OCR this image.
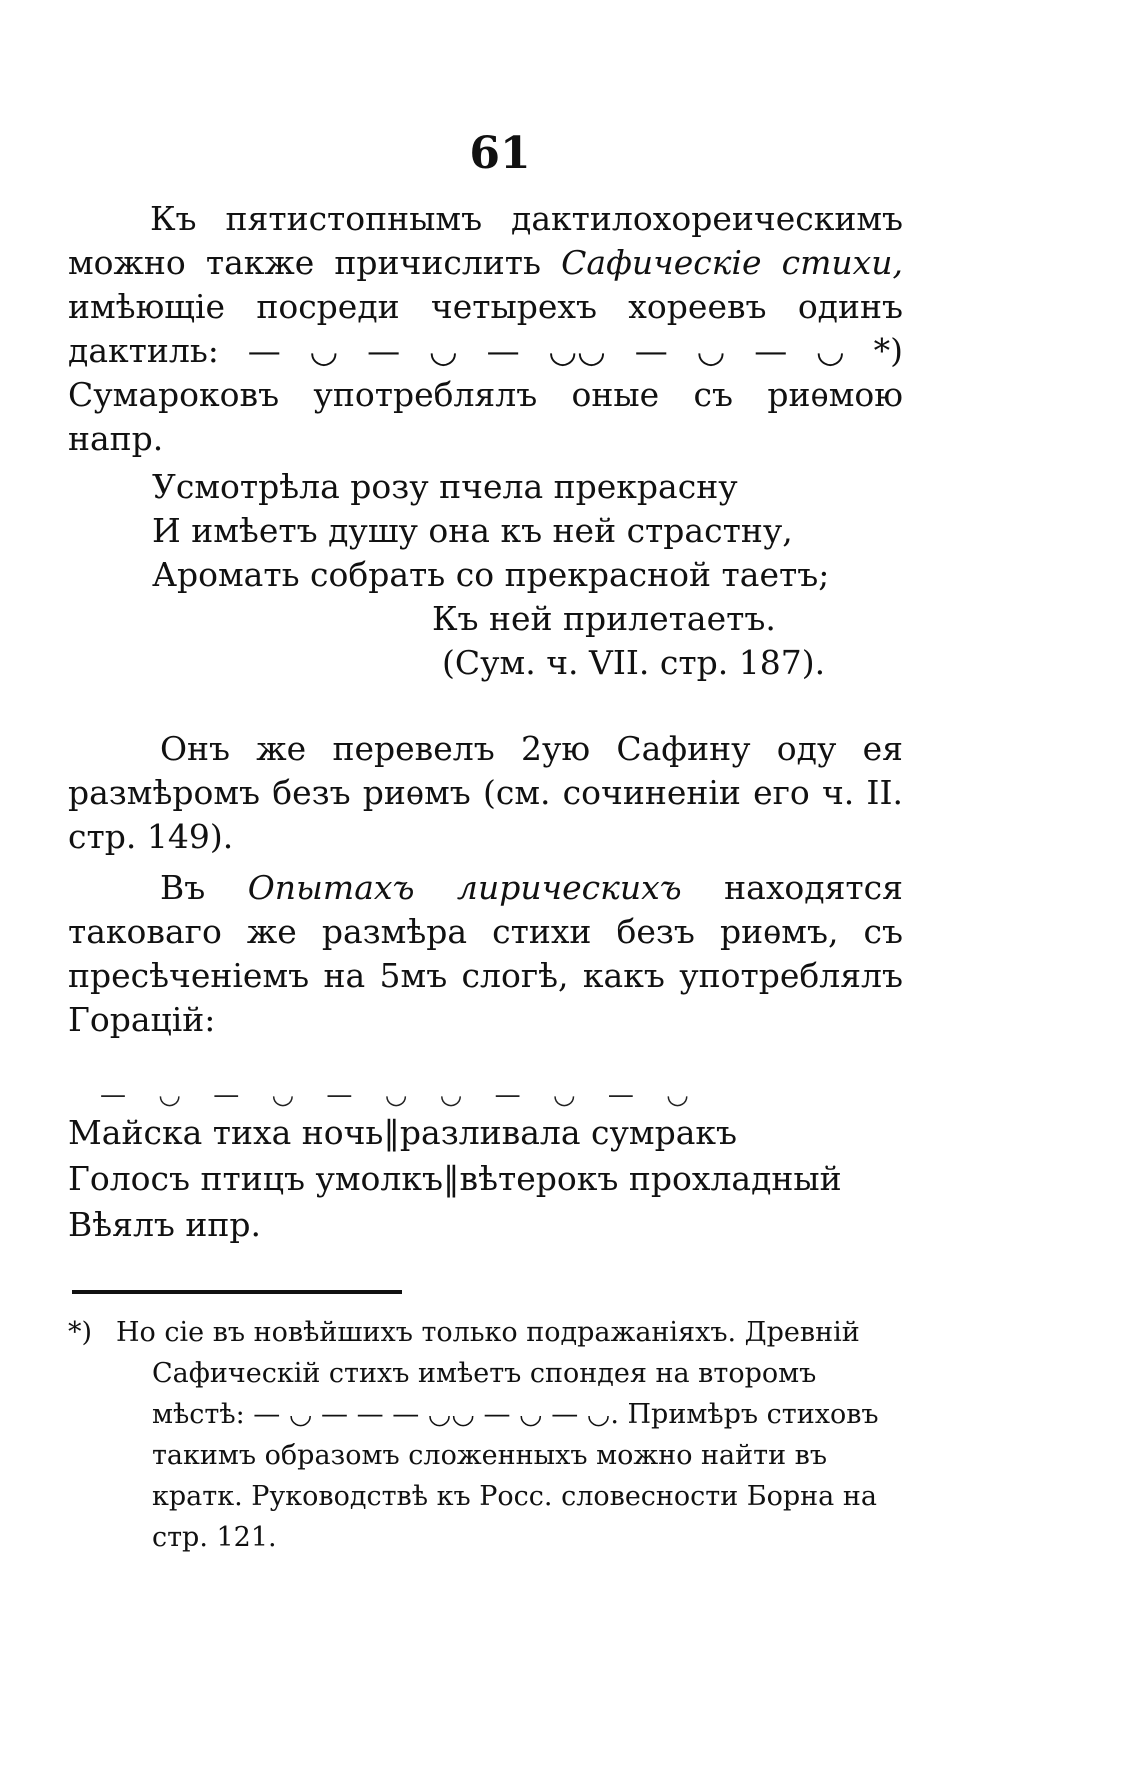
61
Къ пятистопнымъ дактилохореическимъ можно также причислить Сафическiе стихи, имѣющiе посреди четырехъ хореевъ одинъ дактиль: — ◡ — ◡ — ◡◡ — ◡ — ◡ *) Сумароковъ употреблялъ оные съ риѳмою напр.
Усмотрѣла розу пчела прекрасну
И имѣетъ душу она къ ней страстну,
Аромать собрать со прекрасной таетъ;
Къ ней прилетаетъ.
(Сум. ч. VII. стр. 187).
Онъ же перевелъ 2ую Сафину оду ея размѣромъ безъ риѳмъ (см. сочиненiи его ч. II. стр. 149).
Въ Опытахъ лирическихъ находятся таковаго же размѣра стихи безъ риѳмъ, съ пресѣченiемъ на 5мъ слогѣ, какъ употреблялъ Горацiй:
— ◡ — ◡ — ◡ ◡ — ◡ — ◡
Майска тиха ночь‖разливала сумракъ
Голосъ птицъ умолкъ‖вѣтерокъ прохладный
Вѣялъ ипр.
*) Но сiе въ новѣйшихъ только подражанiяхъ. Древнiй Сафическiй стихъ имѣетъ спондея на второмъ мѣстѣ: — ◡ — — — ◡◡ — ◡ — ◡. Примѣръ стиховъ такимъ образомъ сложенныхъ можно найти въ кратк. Руководствѣ къ Росс. словесности Борна на стр. 121.
